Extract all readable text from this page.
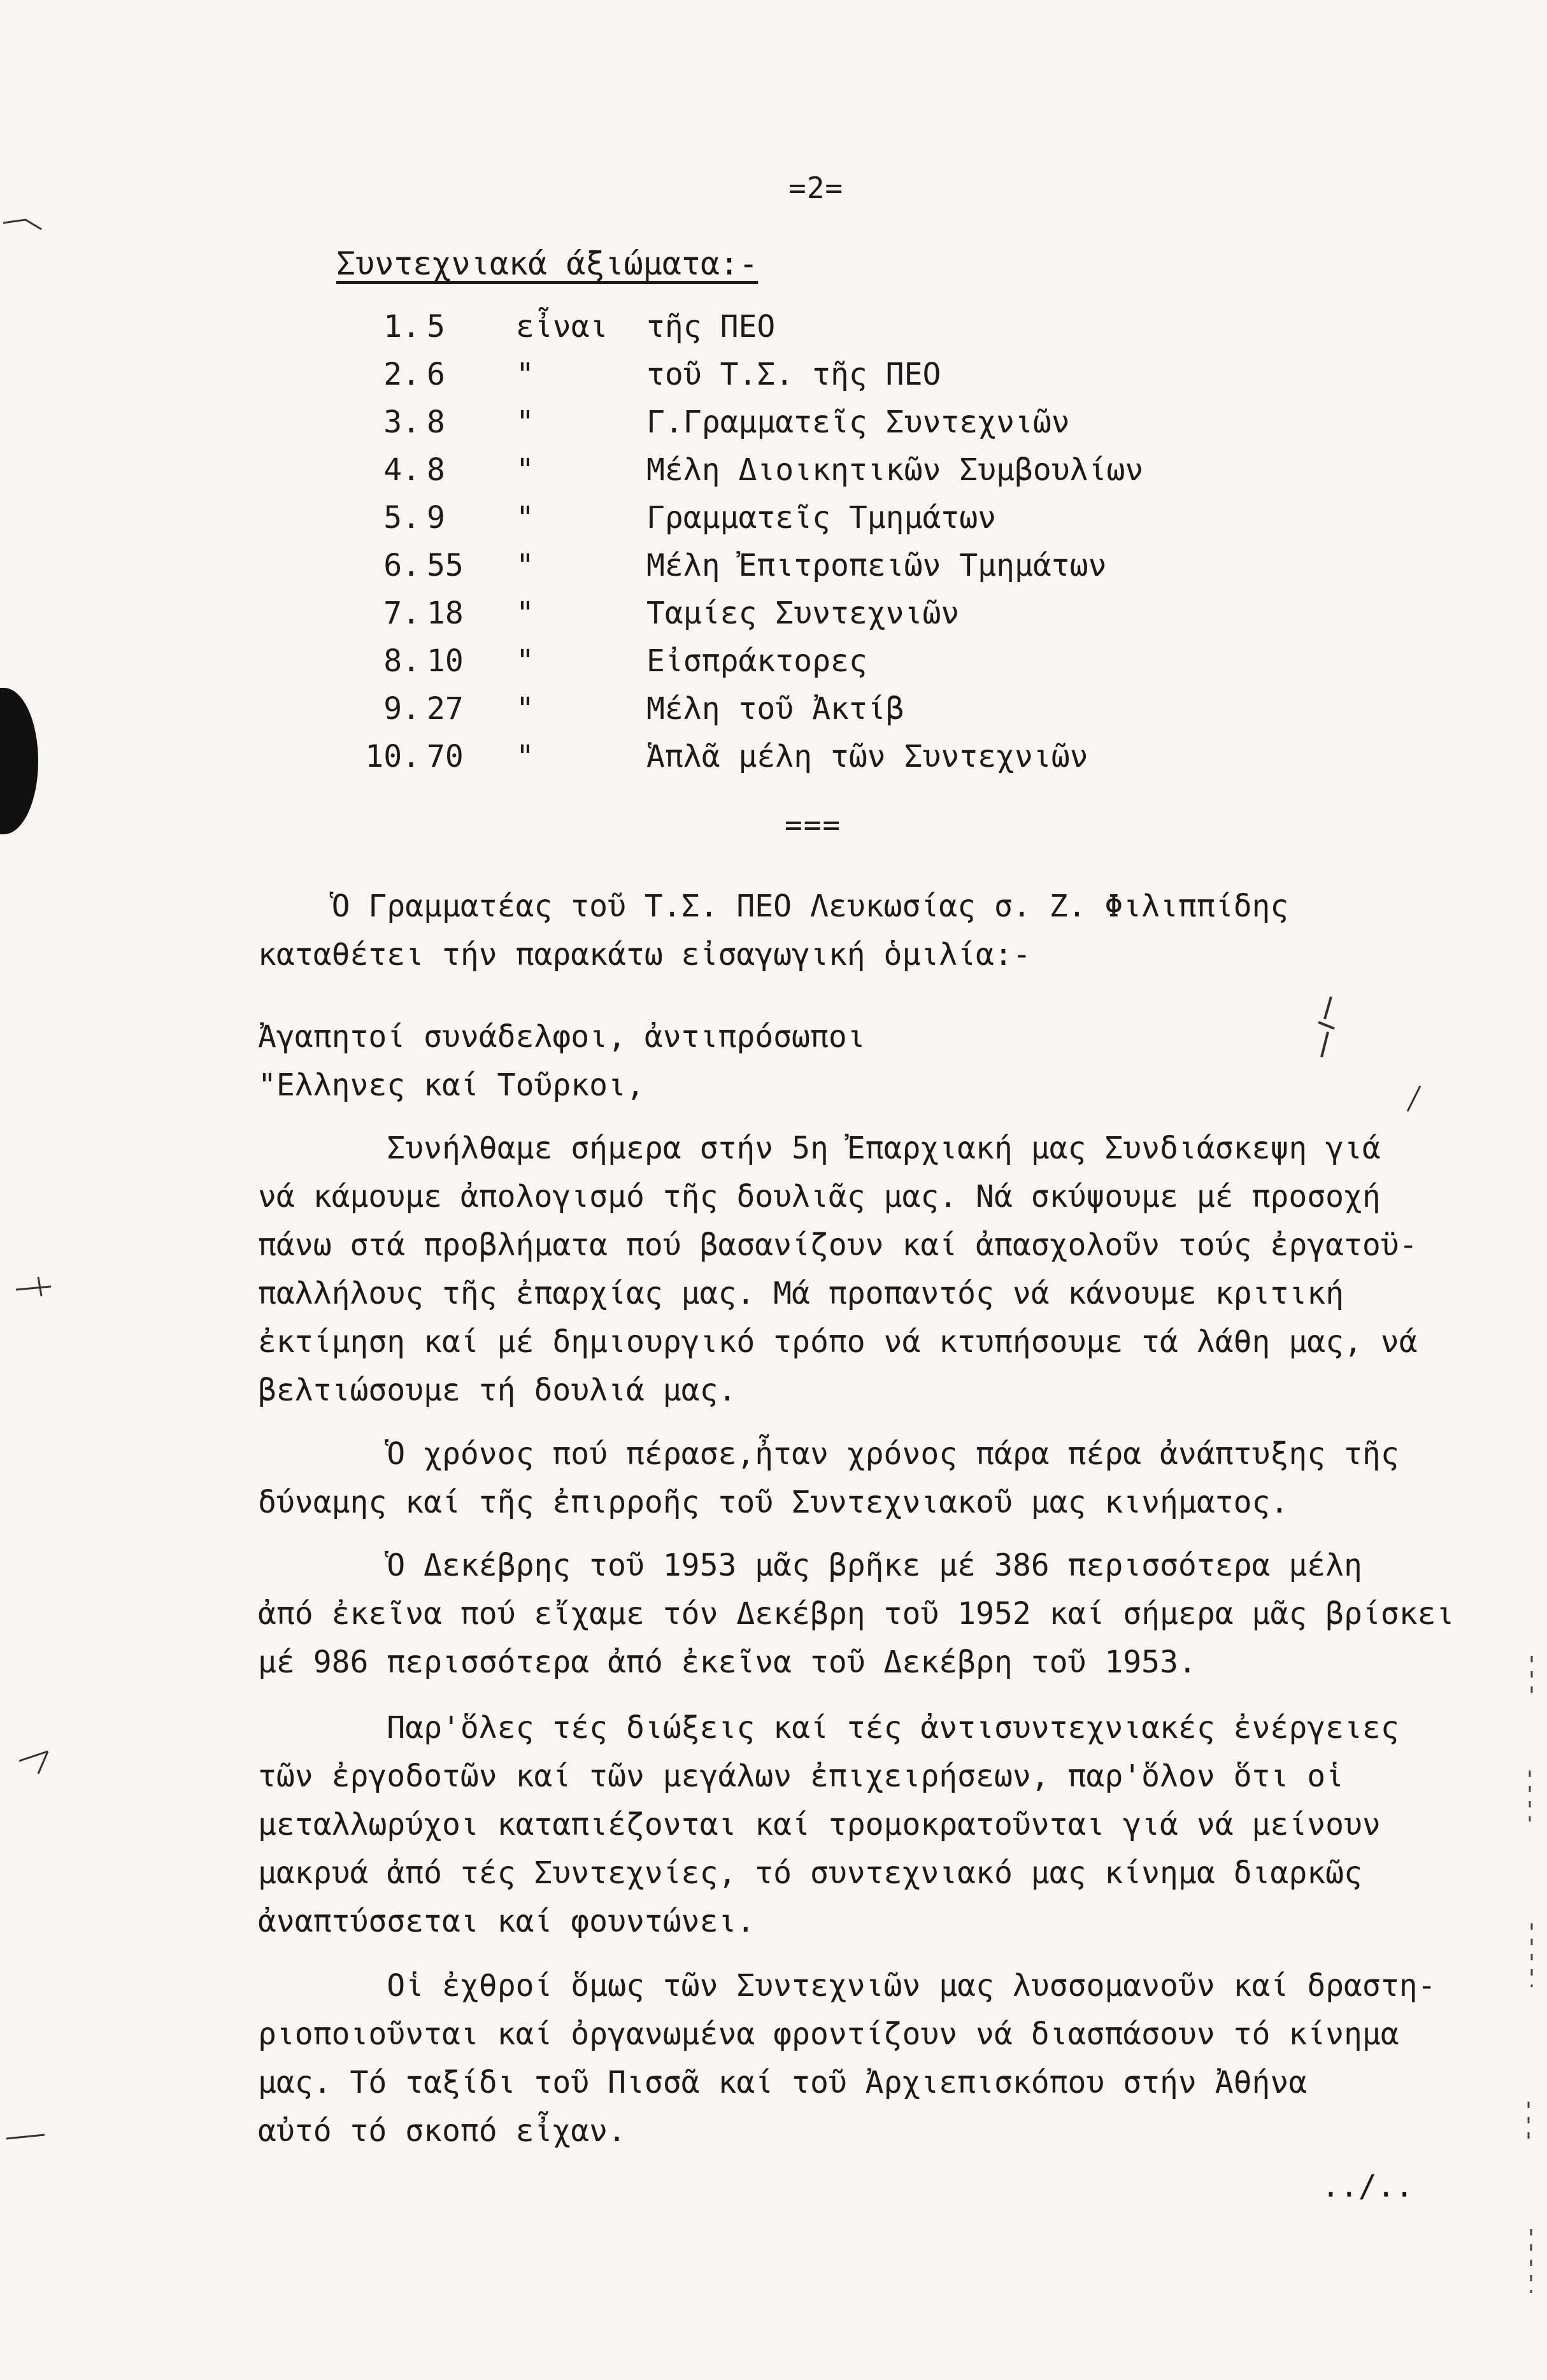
=2=
Συντεχνιακά άξιώματα:-
1. 5	εἶναι τῆς ΠΕΟ
2. 6	"	τοῦ Τ.Σ. τῆς ΠΕΟ
3. 8	"	Γ.Γραμματεῖς Συντεχνιῶν
4. 8	"	Μέλη Διοικητικῶν Συμβουλίων
5. 9	"	Γραμματεῖς Τμημάτων
6. 55	"	Μέλη Ἐπιτροπειῶν Τμημάτων
7. 18	"	Ταμίες Συντεχνιῶν
8. 10	"	Εἰσπράκτορες
9. 27	"	Μέλη τοῦ Ἀκτίβ
10. 70	"	Ἁπλᾶ μέλη τῶν Συντεχνιῶν
===
Ὁ Γραμματέας τοῦ Τ.Σ. ΠΕΟ Λευκωσίας σ. Ζ. Φιλιππίδης
καταθέτει τήν παρακάτω εἰσαγωγική ὁμιλία:-
Ἀγαπητοί συνάδελφοι, ἀντιπρόσωποι
"Ελληνες καί Τοῦρκοι,
Συνήλθαμε σήμερα στήν 5η Ἐπαρχιακή μας Συνδιάσκεψη γιά
νά κάμουμε ἀπολογισμό τῆς δουλιᾶς μας. Νά σκύψουμε μέ προσοχή
πάνω στά προβλήματα πού βασανίζουν καί ἀπασχολοῦν τούς ἐργατοϋ-
παλλήλους τῆς ἐπαρχίας μας. Μά προπαντός νά κάνουμε κριτική
ἐκτίμηση καί μέ δημιουργικό τρόπο νά κτυπήσουμε τά λάθη μας, νά
βελτιώσουμε τή δουλιά μας.
Ὁ χρόνος πού πέρασε,ἦταν χρόνος πάρα πέρα ἀνάπτυξης τῆς
δύναμης καί τῆς ἐπιρροῆς τοῦ Συντεχνιακοῦ μας κινήματος.
Ὁ Δεκέβρης τοῦ 1953 μᾶς βρῆκε μέ 386 περισσότερα μέλη
ἀπό ἐκεῖνα πού εἴχαμε τόν Δεκέβρη τοῦ 1952 καί σήμερα μᾶς βρίσκει
μέ 986 περισσότερα ἀπό ἐκεῖνα τοῦ Δεκέβρη τοῦ 1953.
Παρ'ὅλες τές διώξεις καί τές ἀντισυντεχνιακές ἐνέργειες
τῶν ἐργοδοτῶν καί τῶν μεγάλων ἐπιχειρήσεων, παρ'ὅλον ὅτι οἱ
μεταλλωρύχοι καταπιέζονται καί τρομοκρατοῦνται γιά νά μείνουν
μακρυά ἀπό τές Συντεχνίες, τό συντεχνιακό μας κίνημα διαρκῶς
ἀναπτύσσεται καί φουντώνει.
Οἱ ἐχθροί ὅμως τῶν Συντεχνιῶν μας λυσσομανοῦν καί δραστη-
ριοποιοῦνται καί ὀργανωμένα φροντίζουν νά διασπάσουν τό κίνημα
μας. Τό ταξίδι τοῦ Πισσᾶ καί τοῦ Ἀρχιεπισκόπου στήν Ἀθήνα
αὐτό τό σκοπό εἶχαν.
../..
